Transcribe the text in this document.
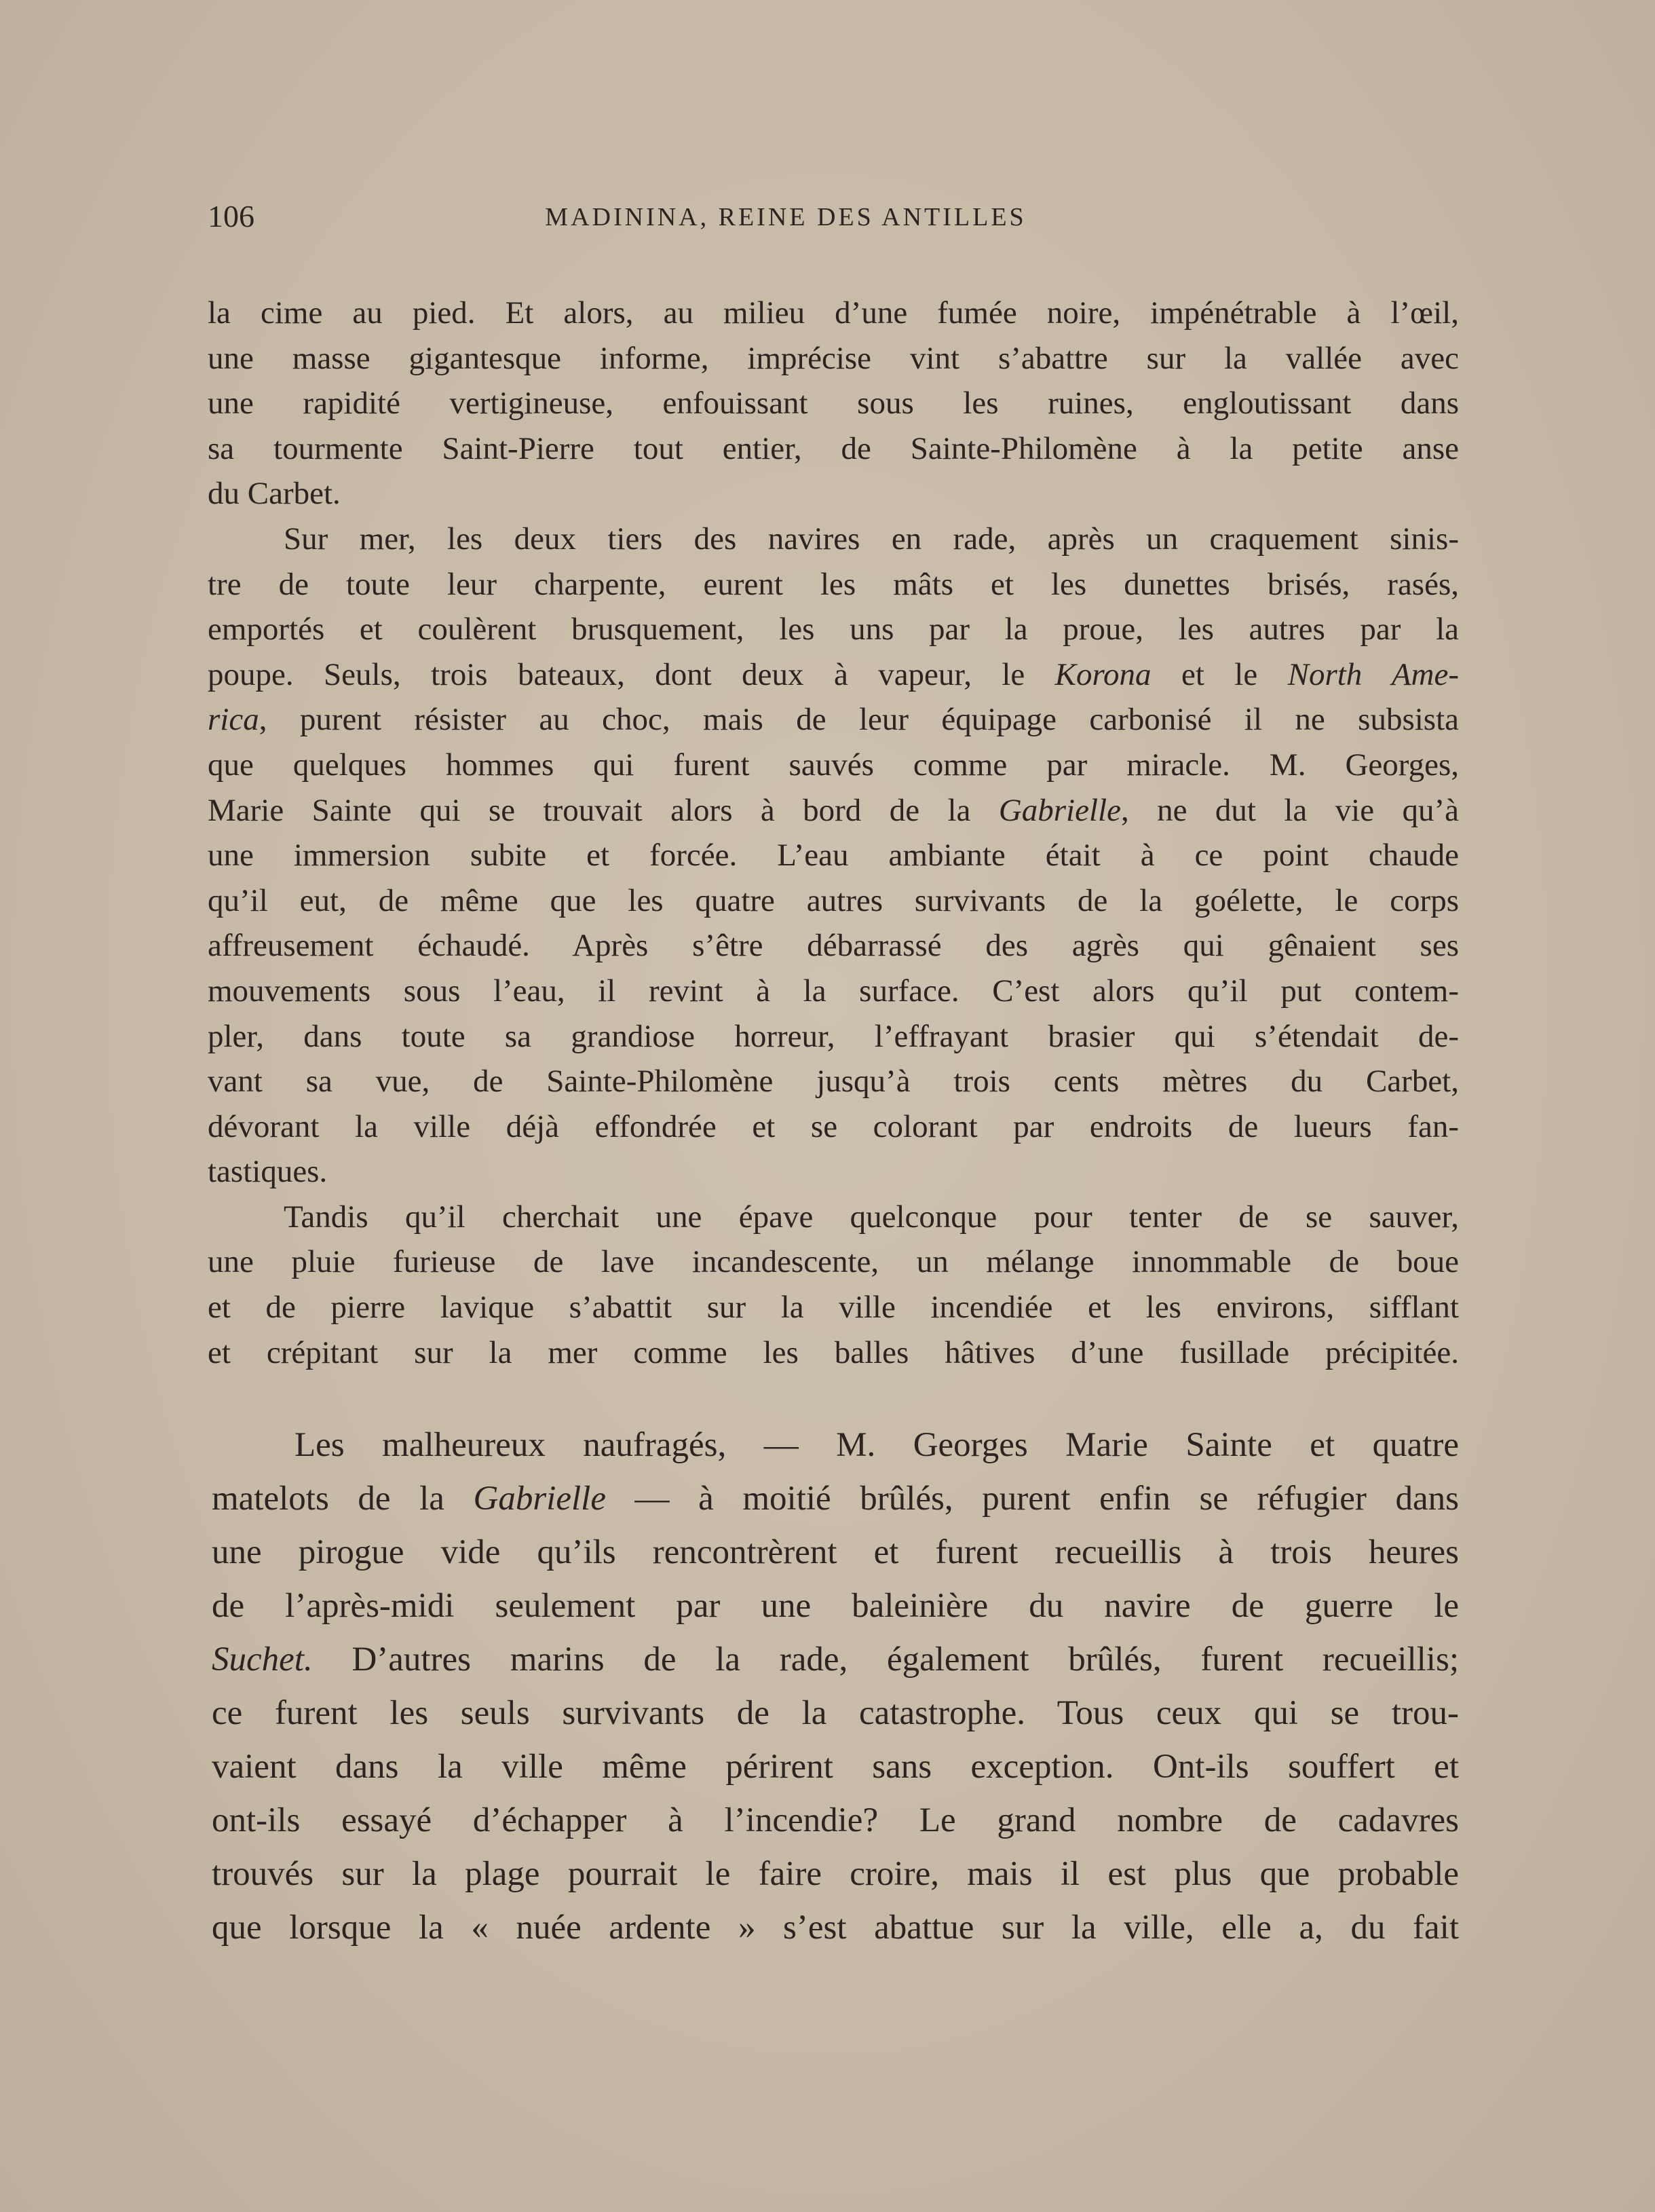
106	MADININA, REINE DES ANTILLES
la cime au pied. Et alors, au milieu d’une fumée noire, impénétrable à l’œil,
une masse gigantesque informe, imprécise vint s’abattre sur la vallée avec
une rapidité vertigineuse, enfouissant sous les ruines, engloutissant dans
sa tourmente Saint-Pierre tout entier, de Sainte-Philomène à la petite anse
du Carbet.
Sur mer, les deux tiers des navires en rade, après un craquement sinis-
tre de toute leur charpente, eurent les mâts et les dunettes brisés, rasés,
emportés et coulèrent brusquement, les uns par la proue, les autres par la
poupe. Seuls, trois bateaux, dont deux à vapeur, le Korona et le North Ame-
rica, purent résister au choc, mais de leur équipage carbonisé il ne subsista
que quelques hommes qui furent sauvés comme par miracle. M. Georges,
Marie Sainte qui se trouvait alors à bord de la Gabrielle, ne dut la vie qu’à
une immersion subite et forcée. L’eau ambiante était à ce point chaude
qu’il eut, de même que les quatre autres survivants de la goélette, le corps
affreusement échaudé. Après s’être débarrassé des agrès qui gênaient ses
mouvements sous l’eau, il revint à la surface. C’est alors qu’il put contem-
pler, dans toute sa grandiose horreur, l’effrayant brasier qui s’étendait de-
vant sa vue, de Sainte-Philomène jusqu’à trois cents mètres du Carbet,
dévorant la ville déjà effondrée et se colorant par endroits de lueurs fan-
tastiques.
Tandis qu’il cherchait une épave quelconque pour tenter de se sauver,
une pluie furieuse de lave incandescente, un mélange innommable de boue
et de pierre lavique s’abattit sur la ville incendiée et les environs, sifflant
et crépitant sur la mer comme les balles hâtives d’une fusillade précipitée.
Les malheureux naufragés, — M. Georges Marie Sainte et quatre
matelots de la Gabrielle — à moitié brûlés, purent enfin se réfugier dans
une pirogue vide qu’ils rencontrèrent et furent recueillis à trois heures
de l’après-midi seulement par une baleinière du navire de guerre le
Suchet. D’autres marins de la rade, également brûlés, furent recueillis;
ce furent les seuls survivants de la catastrophe. Tous ceux qui se trou-
vaient dans la ville même périrent sans exception. Ont-ils souffert et
ont-ils essayé d’échapper à l’incendie? Le grand nombre de cadavres
trouvés sur la plage pourrait le faire croire, mais il est plus que probable
que lorsque la « nuée ardente » s’est abattue sur la ville, elle a, du fait
